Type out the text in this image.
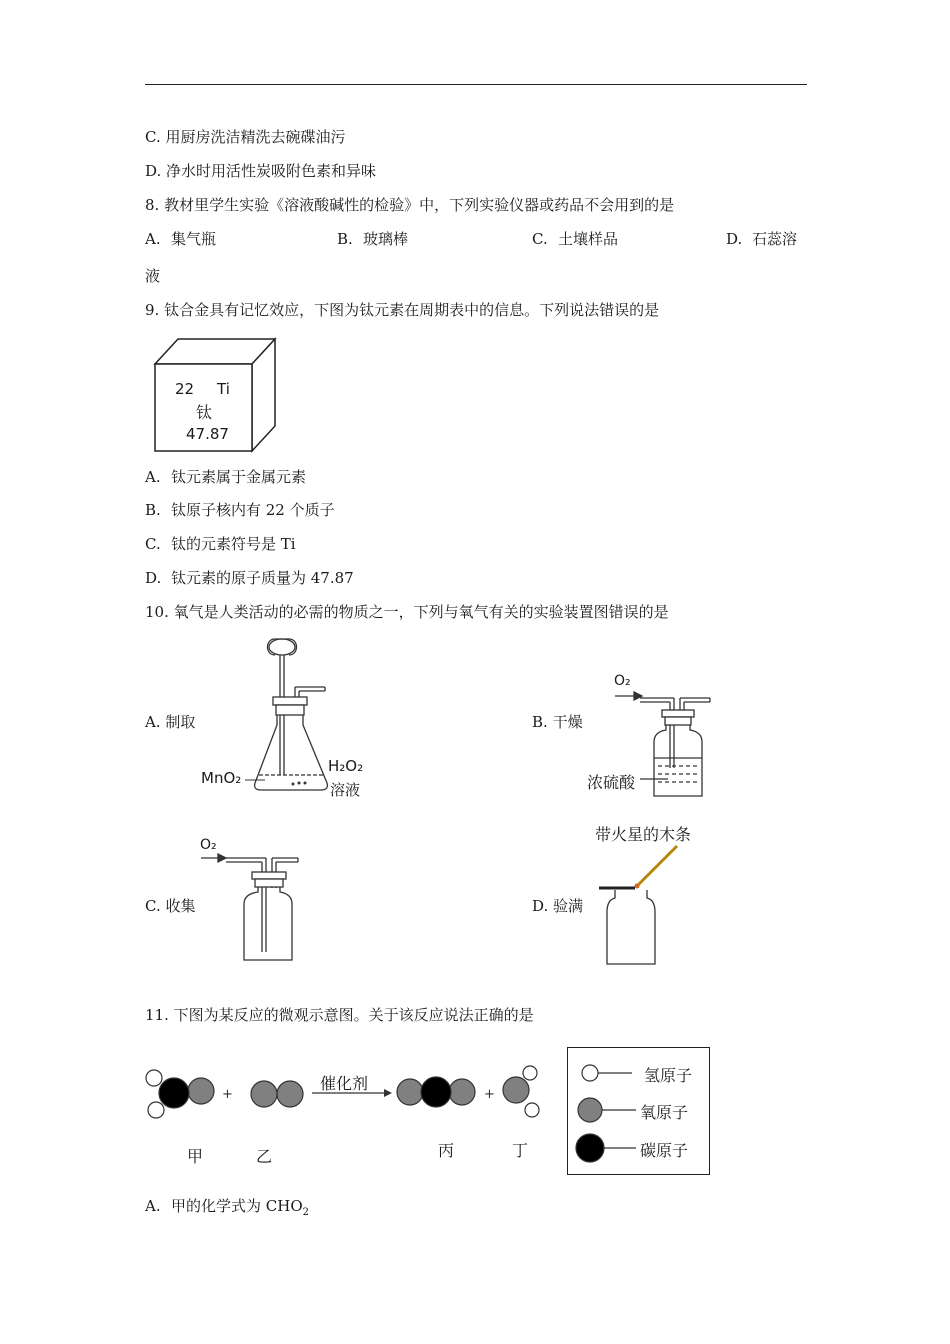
C. 用厨房洗洁精洗去碗碟油污
D. 净水时用活性炭吸附色素和异味
8. 教材里学生实验《溶液酸碱性的检验》中，下列实验仪器或药品不会用到的是
A. 集气瓶	B. 玻璃棒	C. 土壤样品	D. 石蕊溶
液
9. 钛合金具有记忆效应，下图为钛元素在周期表中的信息。下列说法错误的是
22 Ti
钛
47.87
A. 钛元素属于金属元素
B. 钛原子核内有 22 个质子
C. 钛的元素符号是 Ti
D. 钛元素的原子质量为 47.87
10. 氧气是人类活动的必需的物质之一，下列与氧气有关的实验装置图错误的是
A. 制取	B. 干燥
C. 收集	D. 验满
MnO₂
H₂O₂
溶液
O₂
浓硫酸
O₂
带火星的木条
11. 下图为某反应的微观示意图。关于该反应说法正确的是
+	+
催化剂
甲	乙	丙	丁
氢原子
氧原子
碳原子
A. 甲的化学式为 $CHO_2$
